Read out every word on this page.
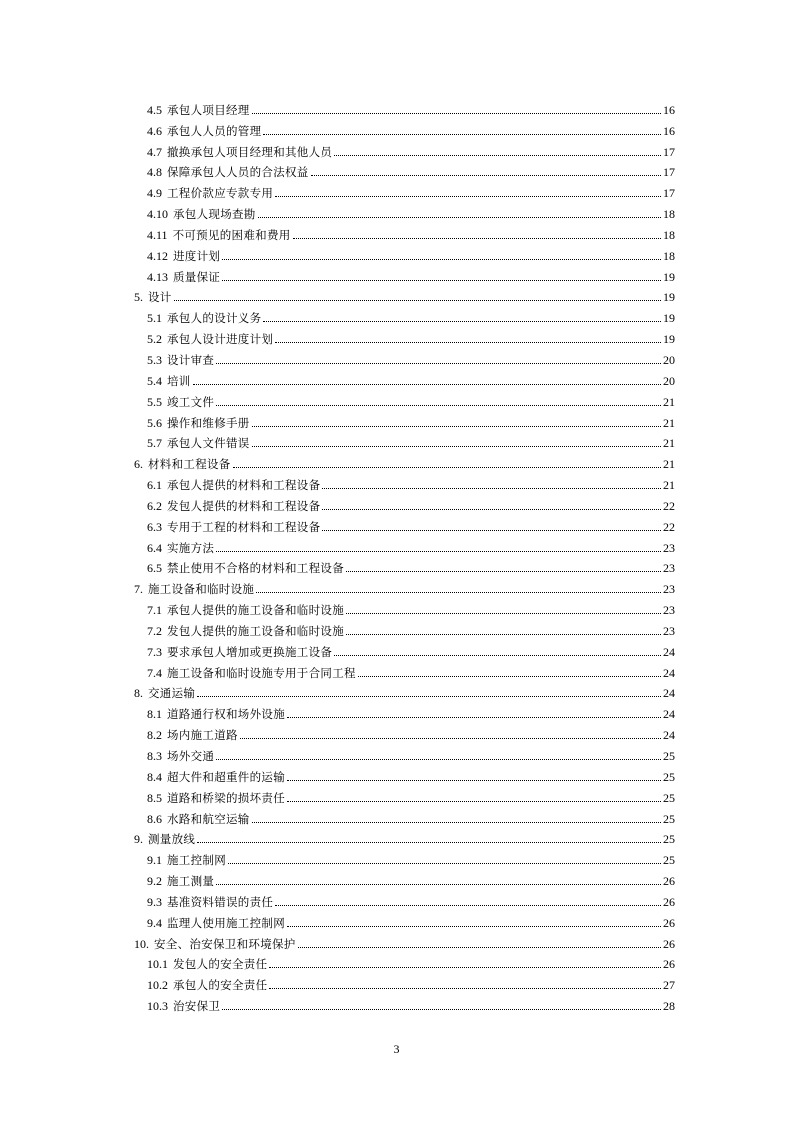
4.5 承包人项目经理	16
4.6 承包人人员的管理	16
4.7 撤换承包人项目经理和其他人员	17
4.8 保障承包人人员的合法权益	17
4.9 工程价款应专款专用	17
4.10 承包人现场查勘	18
4.11 不可预见的困难和费用	18
4.12 进度计划	18
4.13 质量保证	19
5. 设计	19
5.1 承包人的设计义务	19
5.2 承包人设计进度计划	19
5.3 设计审查	20
5.4 培训	20
5.5 竣工文件	21
5.6 操作和维修手册	21
5.7 承包人文件错误	21
6. 材料和工程设备	21
6.1 承包人提供的材料和工程设备	21
6.2 发包人提供的材料和工程设备	22
6.3 专用于工程的材料和工程设备	22
6.4 实施方法	23
6.5 禁止使用不合格的材料和工程设备	23
7. 施工设备和临时设施	23
7.1 承包人提供的施工设备和临时设施	23
7.2 发包人提供的施工设备和临时设施	23
7.3 要求承包人增加或更换施工设备	24
7.4 施工设备和临时设施专用于合同工程	24
8. 交通运输	24
8.1 道路通行权和场外设施	24
8.2 场内施工道路	24
8.3 场外交通	25
8.4 超大件和超重件的运输	25
8.5 道路和桥梁的损坏责任	25
8.6 水路和航空运输	25
9. 测量放线	25
9.1 施工控制网	25
9.2 施工测量	26
9.3 基准资料错误的责任	26
9.4 监理人使用施工控制网	26
10. 安全、治安保卫和环境保护	26
10.1 发包人的安全责任	26
10.2 承包人的安全责任	27
10.3 治安保卫	28
3
